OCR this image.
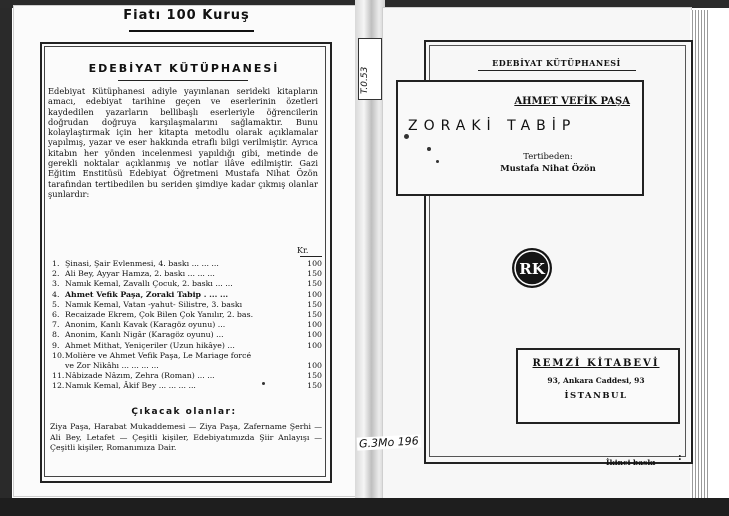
Fiatı 100 Kuruş
EDEBİYAT KÜTÜPHANESİ

Edebiyat Kütüphanesi adiyle yayınlanan serideki kitapların amacı, edebiyat tarihine geçen ve eserlerinin özetleri kaydedilen yazarların bellibaşlı eserleriyle öğrencilerin doğrudan doğruya karşılaşmalarını sağlamaktır. Bunu kolaylaştırmak için her kitapta metodlu olarak açıklamalar yapılmış, yazar ve eser hakkında etraflı bilgi verilmiştir. Ayrıca kitabın her yönden incelenmesi yapıldığı gibi, metinde de gerekli noktalar açıklanmış ve notlar ilâve edilmiştir. Gazi Eğitim Enstitüsü Edebiyat Öğretmeni Mustafa Nihat Özön tarafından tertibedilen bu seriden şimdiye kadar çıkmış olanlar şunlardır:

Kr.
1. Şinasi, Şair Evlenmesi, 4. baskı ... ... ...	100
2. Ali Bey, Ayyar Hamza, 2. baskı ... ... ...	150
3. Namık Kemal, Zavallı Çocuk, 2. baskı ... ...	150
4. Ahmet Vefik Paşa, Zoraki Tabip . ... ...	100
5. Namık Kemal, Vatan -yahut- Silistre, 3. baskı	150
6. Recaizade Ekrem, Çok Bilen Çok Yanılır, 2. bas.	150
7. Anonim, Kanlı Kavak (Karagöz oyunu) ...	100
8. Anonim, Kanlı Nigâr (Karagöz oyunu) ...	100
9. Ahmet Mithat, Yeniçeriler (Uzun hikâye) ...	100
10.Molière ve Ahmet Vefik Paşa, Le Mariage forcé
ve Zor Nikâhı ... ... ... ...	100
11.Nâbizade Nâzım, Zehra (Roman) ... ...	150
12.Namık Kemal, Âkif Bey ... ... ... ...	150
Çıkacak olanlar:
Ziya Paşa, Harabat Mukaddemesi — Ziya Paşa, Zafername Şerhi — Ali Bey, Letafet — Çeşitli kişiler, Edebiyatımızda Şiir Anlayışı — Çeşitli kişiler, Romanımıza Dair.
T.0.53
EDEBİYAT KÜTÜPHANESİ
AHMET VEFİK PAŞA
ZORAKİ TABİP
Tertibeden:
Mustafa Nihat Özön
RK
REMZİ KİTABEVİ
93, Ankara Caddesi, 93
İSTANBUL
İkinci baskı :
G.3Mo 196
